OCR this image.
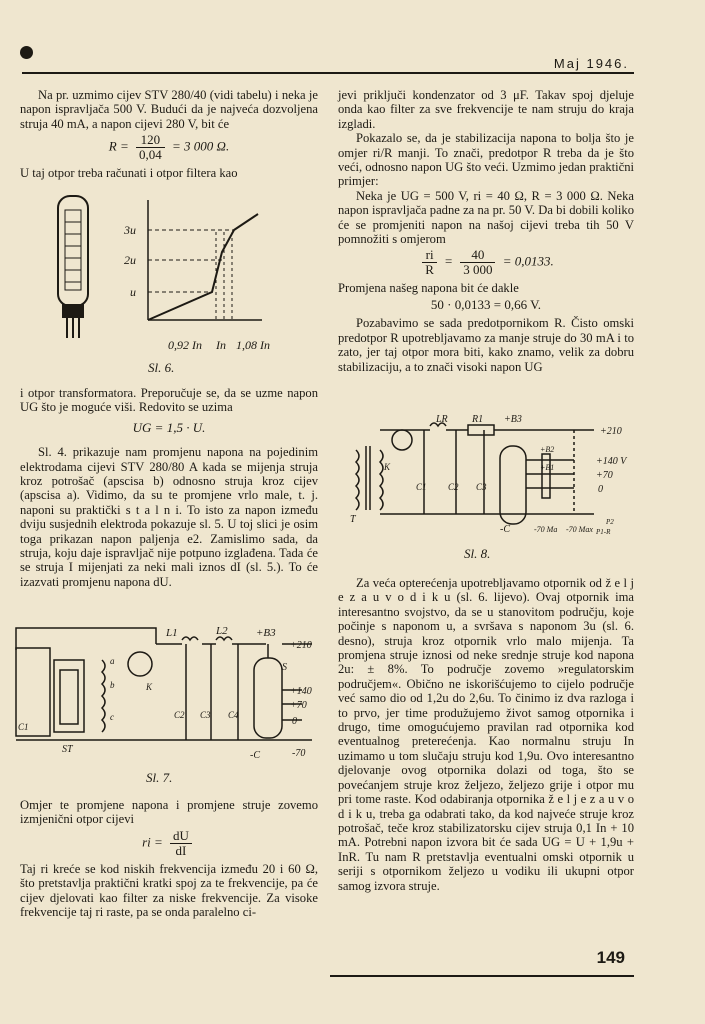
Maj 1946.

Na pr. uzmimo cijev STV 280/40 (vidi tabelu) i neka je napon ispravljača 500 V. Budući da je najveća dozvoljena struja 40 mA, a napon cijevi 280 V, bit će

$R = \frac{120}{0,04} = 3$ 000 Ω.

U taj otpor treba računati i otpor filtera kao

3u
2u
u
0,92 In In 1,08 In
Sl. 6.

i otpor transformatora. Preporučuje se, da se uzme napon UG što je moguće viši. Redovito se uzima

UG = 1,5 · U.

Sl. 4. prikazuje nam promjenu napona na pojedinim elektrodama cijevi STV 280/80 A kada se mijenja struja kroz potrošač (apscisa b) odnosno struja kroz cijev (apscisa a). Vidimo, da su te promjene vrlo male, t. j. naponi su praktički s t a l n i. To isto za napon između dviju susjednih elektroda pokazuje sl. 5. U toj slici je osim toga prikazan napon paljenja e2. Zamislimo sada, da struja, koju daje ispravljač nije potpuno izglađena. Tada će se struja I mijenjati za neki mali iznos dI (sl. 5.). To će izazvati promjenu napona dU.

L1	L2	+B3
+210
+140
+70
0
-70
-C
S
C1
C2 C3 C4
ST
a
b
c
K
Sl. 7.

Omjer te promjene napona i promjene struje zovemo izmjenični otpor cijevi

ri = $\frac{dU}{dI}$

Taj ri kreće se kod niskih frekvencija između 20 i 60 Ω, što pretstavlja praktični kratki spoj za te frekvencije, pa će cijev djelovati kao filter za niske frekvencije. Za visoke frekvencije taj ri raste, pa se onda paralelno ci-

jevi priključi kondenzator od 3 μF. Takav spoj djeluje onda kao filter za sve frekvencije te nam struju do kraja izgladi.

Pokazalo se, da je stabilizacija napona to bolja što je omjer ri/R manji. To znači, predotpor R treba da je što veći, odnosno napon UG što veći. Uzmimo jedan praktični primjer:

Neka je UG = 500 V, ri = 40 Ω, R = 3 000 Ω. Neka napon ispravljača padne za na pr. 50 V. Da bi dobili koliko će se promjeniti napon na našoj cijevi treba tih 50 V pomnožiti s omjerom

$\frac{ri}{R} = \frac{40}{3 000} = 0,0133$.

Promjena našeg napona bit će dakle

50 · 0,0133 = 0,66 V.

Pozabavimo se sada predotpornikom R. Čisto omski predotpor R upotrebljavamo za manje struje do 30 mA i to zato, jer taj otpor mora biti, kako znamo, velik za dobru stabilizaciju, a to znači visoki napon UG

LR R1 +B3
+210
+B2
+140 V
+B1
+70
0
-C
K
C1 C2 C3
T
-70 Ma -70 Max
P2
P1-R
Sl. 8.

Za veća opterećenja upotrebljavamo otpornik od ž e l j e z a u v o d i k u (sl. 6. lijevo). Ovaj otpornik ima interesantno svojstvo, da se u stanovitom području, koje počinje s naponom u, a svršava s naponom 3u (sl. 6. desno), struja kroz otpornik vrlo malo mijenja. Ta promjena struje iznosi od neke srednje struje kod napona 2u: ± 8%. To područje zovemo »regulatorskim područjem«. Obično ne iskorišćujemo to cijelo područje već samo dio od 1,2u do 2,6u. To činimo iz dva razloga i to prvo, jer time produžujemo život samog otpornika i drugo, time omogućujemo pravilan rad otpornika kod eventualnog preterećenja. Kao normalnu struju In uzimamo u tom slučaju struju kod 1,9u. Ovo interesantno djelovanje ovog otpornika dolazi od toga, što se povećanjem struje kroz željezo, željezo grije i otpor mu pri tome raste. Kod odabiranja otpornika ž e l j e z a u v o d i k u, treba ga odabrati tako, da kod najveće struje kroz potrošač, teče kroz stabilizatorsku cijev struja 0,1 In + 10 mA. Potrebni napon izvora bit će sada UG = U + 1,9u + InR. Tu nam R pretstavlja eventualni omski otpornik u seriji s otpornikom željezo u vodiku ili ukupni otpor samog izvora struje.

149
